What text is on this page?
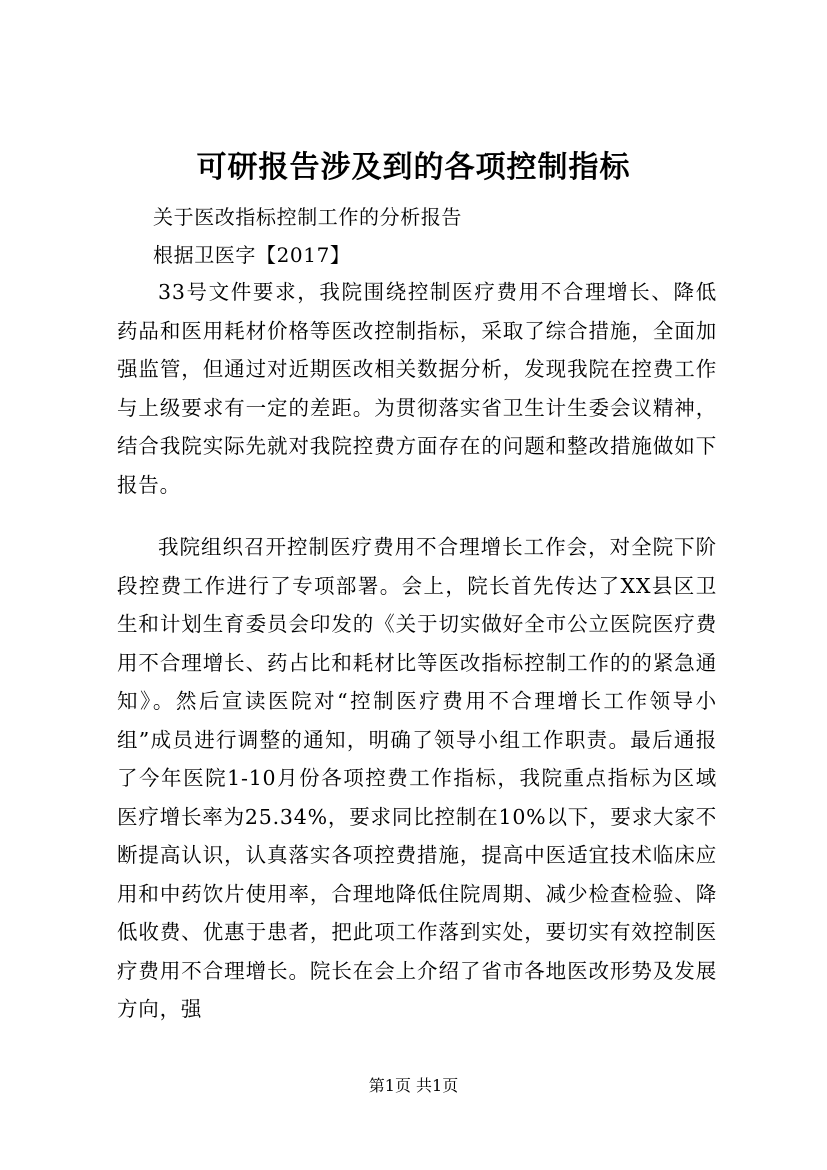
可研报告涉及到的各项控制指标
关于医改指标控制工作的分析报告
根据卫医字【2017】
33号文件要求，我院围绕控制医疗费用不合理增长、降低药品和医用耗材价格等医改控制指标，采取了综合措施，全面加强监管，但通过对近期医改相关数据分析，发现我院在控费工作与上级要求有一定的差距。为贯彻落实省卫生计生委会议精神，结合我院实际先就对我院控费方面存在的问题和整改措施做如下报告。
我院组织召开控制医疗费用不合理增长工作会，对全院下阶段控费工作进行了专项部署。会上，院长首先传达了XX县区卫生和计划生育委员会印发的《关于切实做好全市公立医院医疗费用不合理增长、药占比和耗材比等医改指标控制工作的的紧急通知》。然后宣读医院对“控制医疗费用不合理增长工作领导小组”成员进行调整的通知，明确了领导小组工作职责。最后通报了今年医院1-10月份各项控费工作指标，我院重点指标为区域医疗增长率为25.34%，要求同比控制在10%以下，要求大家不断提高认识，认真落实各项控费措施，提高中医适宜技术临床应用和中药饮片使用率，合理地降低住院周期、减少检查检验、降低收费、优惠于患者，把此项工作落到实处，要切实有效控制医疗费用不合理增长。院长在会上介绍了省市各地医改形势及发展方向，强
第1页 共1页
